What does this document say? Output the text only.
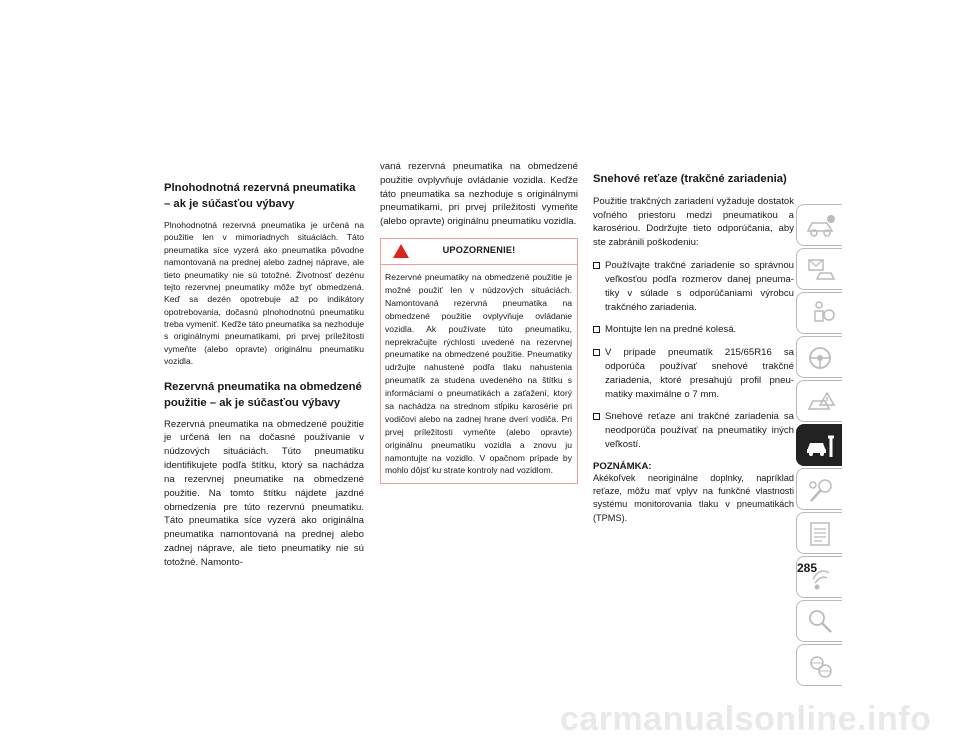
Plnohodnotná rezervná pneumatika – ak je súčasťou výbavy

Plnohodnotná rezervná pneumatika je určená na použitie len v mimoriadnych situáciách. Táto pneumatika síce vyzerá ako pneumatika pôvodne namontovaná na prednej alebo zadnej náprave, ale tieto pneumatiky nie sú totožné. Životnosť dezénu tejto rezervnej pneumatiky môže byť obmedzená. Keď sa dezén opotrebuje až po indikátory opotrebovania, dočasnú plnohodnotnú pneumatiku treba vymeniť. Keďže táto pneumatika sa nezhoduje s originálnymi pneumatikami, pri prvej príležitosti vymeňte (alebo opravte) originálnu pneumatiku vozidla.

Rezervná pneumatika na obmedzené použitie – ak je súčasťou výbavy

Rezervná pneumatika na obmedzené použitie je určená len na dočasné používanie v núdzových situáciách. Túto pneumatiku identifikujete podľa štítku, ktorý sa nachádza na rezervnej pneumatike na obmedzené použitie. Na tomto štítku nájdete jazdné obmedzenia pre túto rezervnú pneumatiku. Táto pneumatika síce vyzerá ako originálna pneumatika namontovaná na prednej alebo zadnej náprave, ale tieto pneumatiky nie sú totožné. Namonto-

vaná rezervná pneumatika na obmedzené použitie ovplyvňuje ovládanie vozidla. Keďže táto pneumatika sa nezhoduje s originálnymi pneumatikami, pri prvej príležitosti vymeňte (alebo opravte) originálnu pneumatiku vozidla.

UPOZORNENIE!
Rezervné pneumatiky na obmedzené použitie je možné použiť len v núdzových situáciách. Namontovaná rezervná pneumatika na obmedzené použitie ovplyvňuje ovládanie vozidla. Ak používate túto pneumatiku, neprekračujte rýchlosti uvedené na rezervnej pneumatike na obmedzené použitie. Pneumatiky udržujte nahustené podľa tlaku nahustenia pneumatík za studena uvedeného na štítku s informáciami o pneumatikách a zaťažení, ktorý sa nachádza na strednom stĺpiku karosérie pri vodičovi alebo na zadnej hrane dverí vodiča. Pri prvej príležitosti vymeňte (alebo opravte) originálnu pneumatiku vozidla a znovu ju namontujte na vozidlo. V opačnom prípade by mohlo dôjsť ku strate kontroly nad vozidlom.
Snehové reťaze (trakčné zariadenia)

Použitie trakčných zariadení vyžaduje dostatok voľného priestoru medzi pneumatikou a karosériou. Dodržujte tieto odporúčania, aby ste zabránili poškodeniu:

Používajte trakčné zariadenie so správnou veľkosťou podľa rozmerov danej pneumatiky v súlade s odporúčaniami výrobcu trakčného zariadenia.
Montujte len na predné kolesá.
V prípade pneumatík 215/65R16 sa odporúča používať snehové trakčné zariadenia, ktoré presahujú profil pneumatiky maximálne o 7 mm.
Snehové reťaze ani trakčné zariadenia sa neodporúča používať na pneumatiky iných veľkostí.
POZNÁMKA:
Akékoľvek neoriginálne doplnky, napríklad reťaze, môžu mať vplyv na funkčné vlastnosti systému monitorovania tlaku v pneumatikách (TPMS).
285
carmanualsonline.info
